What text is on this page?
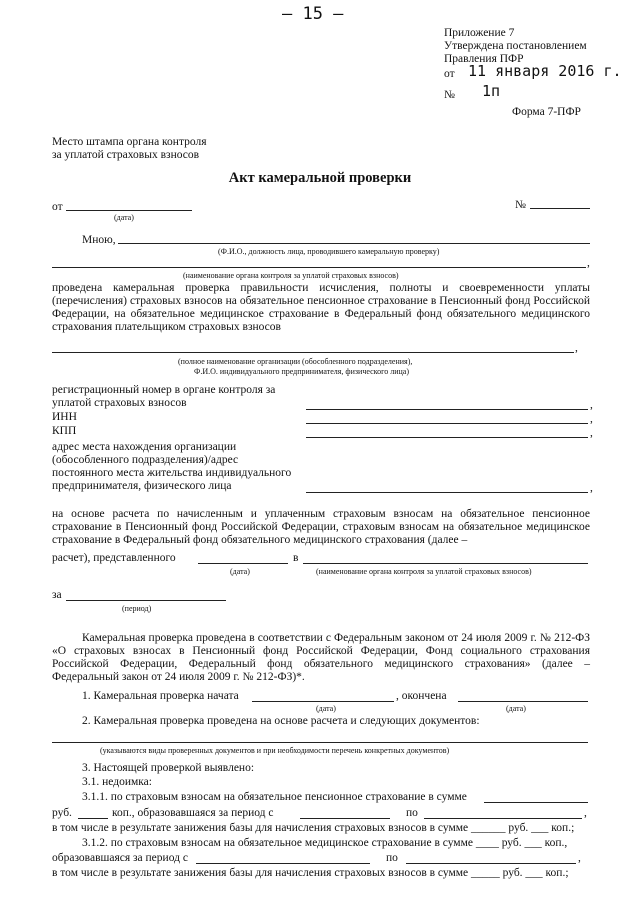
– 15 –
Приложение 7
Утверждена постановлением
Правления ПФР
от 11 января 2016 г.
№ 1п
Форма 7-ПФР
Место штампа органа контроля
за уплатой страховых взносов
Акт камеральной проверки
от
(дата)
№
Мною,
(Ф.И.О., должность лица, проводившего камеральную проверку)
,
(наименование органа контроля за уплатой страховых взносов)
проведена камеральная проверка правильности исчисления, полноты и своевременности уплаты (перечисления) страховых взносов на обязательное пенсионное страхование в Пенсионный фонд Российской Федерации, на обязательное медицинское страхование в Федеральный фонд обязательного медицинского страхования плательщиком страховых взносов
,
(полное наименование организации (обособленного подразделения),
Ф.И.О. индивидуального предпринимателя, физического лица)
регистрационный номер в органе контроля за
уплатой страховых взносов	,
ИНН	,
КПП	,
адрес места нахождения организации
(обособленного подразделения)/адрес
постоянного места жительства индивидуального
предпринимателя, физического лица	,
на основе расчета по начисленным и уплаченным страховым взносам на обязательное пенсионное страхование в Пенсионный фонд Российской Федерации, страховым взносам на обязательное медицинское страхование в Федеральный фонд обязательного медицинского страхования (далее –
расчет), представленного	в
(дата)	(наименование органа контроля за уплатой страховых взносов)
за
(период)
Камеральная проверка проведена в соответствии с Федеральным законом от 24 июля 2009 г. № 212-ФЗ «О страховых взносах в Пенсионный фонд Российской Федерации, Фонд социального страхования Российской Федерации, Федеральный фонд обязательного медицинского страхования» (далее – Федеральный закон от 24 июля 2009 г. № 212-ФЗ)*.
1. Камеральная проверка начата	, окончена
(дата)	(дата)
2. Камеральная проверка проведена на основе расчета и следующих документов:
(указываются виды проверенных документов и при необходимости перечень конкретных документов)
3. Настоящей проверкой выявлено:
3.1. недоимка:
3.1.1. по страховым взносам на обязательное пенсионное страхование в сумме
руб.	коп., образовавшаяся за период с	по	,
в том числе в результате занижения базы для начисления страховых взносов в сумме ______ руб. ___ коп.;
3.1.2. по страховым взносам на обязательное медицинское страхование в сумме ____ руб. ___ коп.,
образовавшаяся за период с	по	,
в том числе в результате занижения базы для начисления страховых взносов в сумме _____ руб. ___ коп.;
